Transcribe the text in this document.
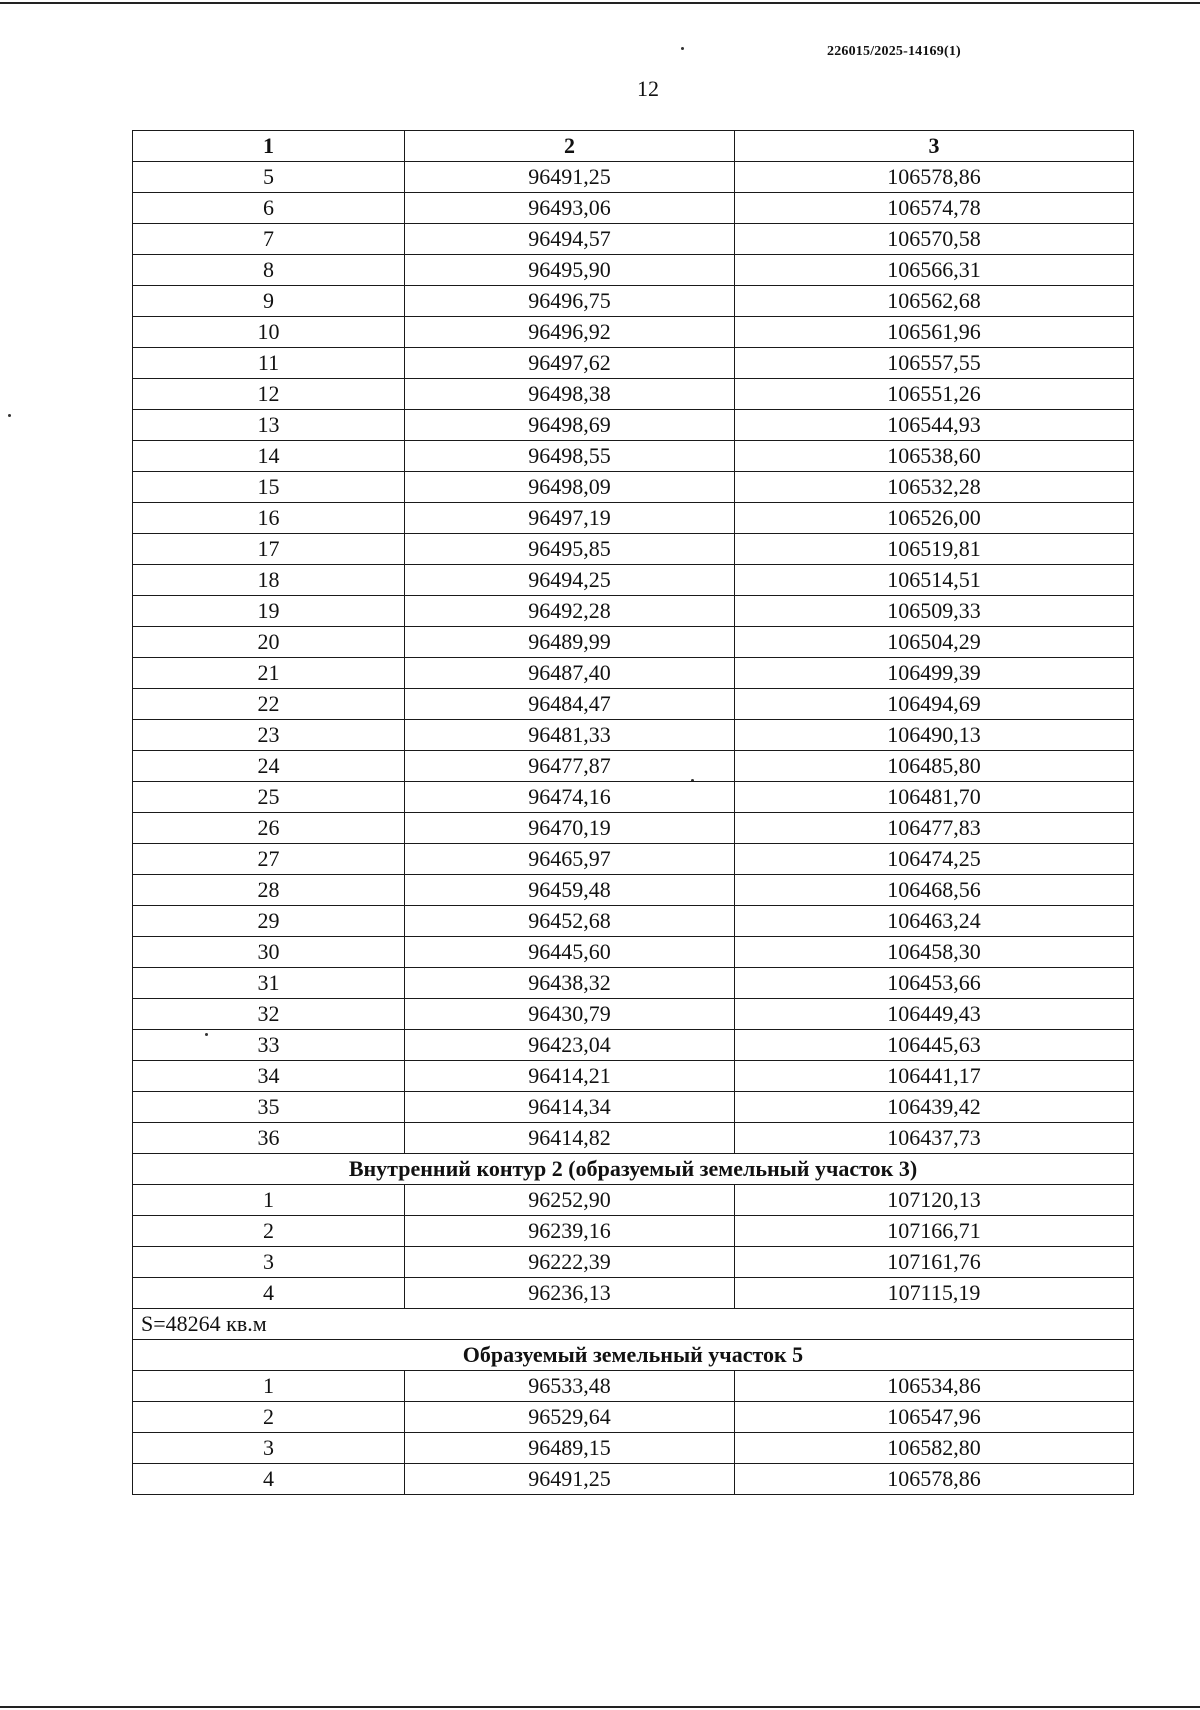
226015/2025-14169(1)
12
1	2	3
5	96491,25	106578,86
6	96493,06	106574,78
7	96494,57	106570,58
8	96495,90	106566,31
9	96496,75	106562,68
10	96496,92	106561,96
11	96497,62	106557,55
12	96498,38	106551,26
13	96498,69	106544,93
14	96498,55	106538,60
15	96498,09	106532,28
16	96497,19	106526,00
17	96495,85	106519,81
18	96494,25	106514,51
19	96492,28	106509,33
20	96489,99	106504,29
21	96487,40	106499,39
22	96484,47	106494,69
23	96481,33	106490,13
24	96477,87	106485,80
25	96474,16	106481,70
26	96470,19	106477,83
27	96465,97	106474,25
28	96459,48	106468,56
29	96452,68	106463,24
30	96445,60	106458,30
31	96438,32	106453,66
32	96430,79	106449,43
33	96423,04	106445,63
34	96414,21	106441,17
35	96414,34	106439,42
36	96414,82	106437,73
Внутренний контур 2 (образуемый земельный участок 3)		
1	96252,90	107120,13
2	96239,16	107166,71
3	96222,39	107161,76
4	96236,13	107115,19
S=48264 кв.м		
Образуемый земельный участок 5		
1	96533,48	106534,86
2	96529,64	106547,96
3	96489,15	106582,80
4	96491,25	106578,86
